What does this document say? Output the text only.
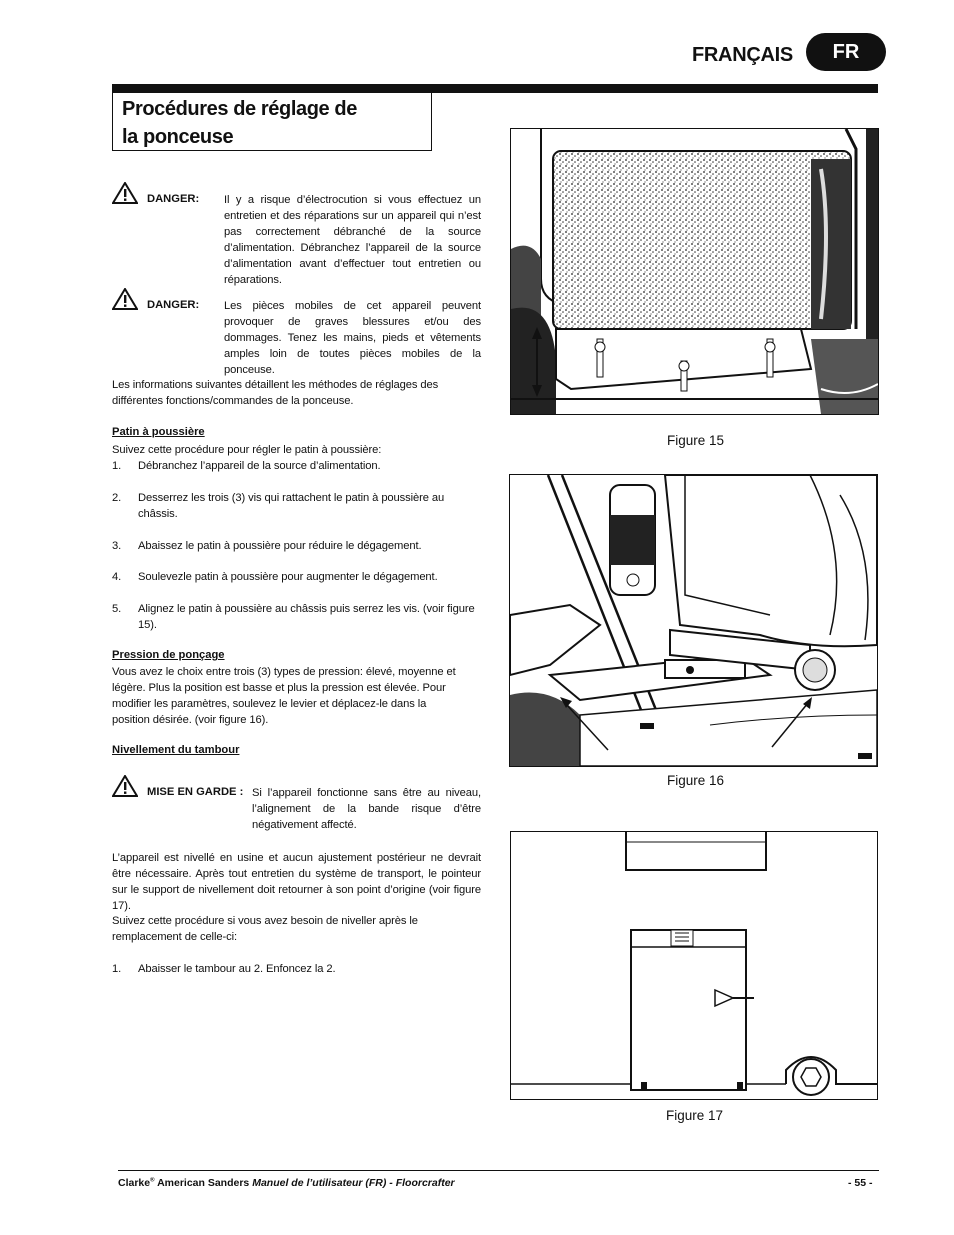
FRANÇAIS	FR
Procédures de réglage de
la ponceuse
DANGER: Il y a risque d’électrocution si vous effectuez un entretien et des réparations sur un appareil qui n’est pas correctement débranché de la source d’alimentation. Débranchez l’appareil de la source d’alimentation avant d’effectuer tout entretien ou réparations.
DANGER: Les pièces mobiles de cet appareil peuvent provoquer de graves blessures et/ou des dommages. Tenez les mains, pieds et vêtements amples loin de toutes pièces mobiles de la ponceuse.
Les informations suivantes détaillent les méthodes de réglages des différentes fonctions/commandes de la ponceuse.
Patin à poussière
Suivez cette procédure pour régler le patin à poussière:
1.	Débranchez l’appareil de la source d’alimentation.
2.	Desserrez les trois (3) vis qui rattachent le patin à poussière au châssis.
3.	Abaissez le patin à poussière pour réduire le dégagement.
4.	Soulevezle patin à poussière pour augmenter le dégagement.
5.	Alignez le patin à poussière au châssis puis serrez les vis. (voir figure 15).
Pression de ponçage
Vous avez le choix entre trois (3) types de pression: élevé, moyenne et légère. Plus la position est basse et plus la pression est élevée. Pour modifier les paramètres, soulevez le levier et déplacez-le dans la position désirée. (voir figure 16).
Nivellement du tambour
MISE EN GARDE : Si l’appareil fonctionne sans être au niveau, l’alignement de la bande risque d’être négativement affecté.
L’appareil est nivellé en usine et aucun ajustement postérieur ne devrait être nécessaire. Après tout entretien du système de transport, le pointeur sur le support de nivellement doit retourner à son point d’origine (voir figure 17).
Suivez cette procédure si vous avez besoin de niveller après le remplacement de celle-ci:
1.	Abaisser le tambour au 2. Enfoncez la 2.
Figure 15
Figure 16
Figure 17
Clarke® American Sanders Manuel de l’utilisateur (FR) - Floorcrafter	- 55 -
